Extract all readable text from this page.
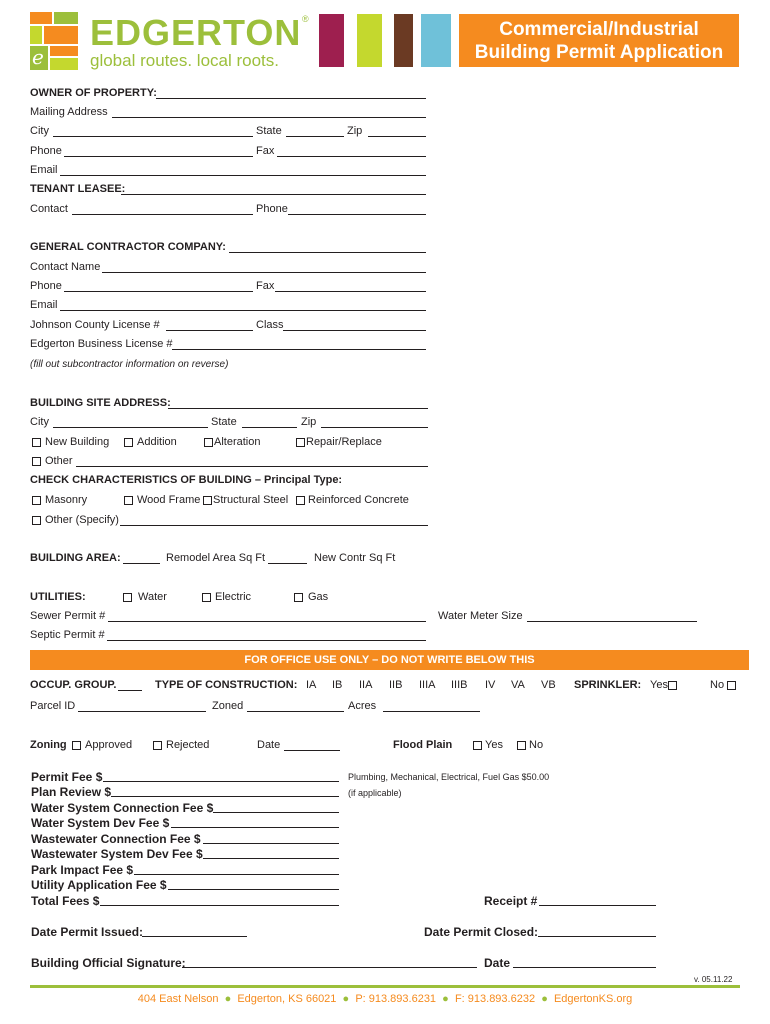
e
EDGERTON ®
global routes. local roots.
Commercial/Industrial
Building Permit Application
OWNER OF PROPERTY:
Mailing Address
City	State	Zip
Phone	Fax
Email
TENANT LEASEE:
Contact	Phone
GENERAL CONTRACTOR COMPANY:
Contact Name
Phone	Fax
Email
Johnson County License #	Class
Edgerton Business License #
(fill out subcontractor information on reverse)
BUILDING SITE ADDRESS:
City	State	Zip
New Building	Addition	Alteration	Repair/Replace
Other
CHECK CHARACTERISTICS OF BUILDING – Principal Type:
Masonry	Wood Frame Structural Steel Reinforced Concrete
Other (Specify)
BUILDING AREA:	Remodel Area Sq Ft	New Contr Sq Ft
UTILITIES:	Water	Electric	Gas
Sewer Permit #	Water Meter Size
Septic Permit #
FOR OFFICE USE ONLY – DO NOT WRITE BELOW THIS
OCCUP. GROUP.	TYPE OF CONSTRUCTION: IA IB IIA IIB IIIA IIIB IV VA VB SPRINKLER: Yes	No
Parcel ID	Zoned	Acres
Zoning Approved	Rejected	Date	Flood Plain	Yes No
Permit Fee $
Plan Review $
Water System Connection Fee $
Water System Dev Fee $
Wastewater Connection Fee $
Wastewater System Dev Fee $
Park Impact Fee $
Utility Application Fee $
Total Fees $
Plumbing, Mechanical, Electrical, Fuel Gas $50.00
(if applicable)
Receipt #
Date Permit Issued:	Date Permit Closed:
Building Official Signature:	Date
v. 05.11.22
404 East Nelson  ●  Edgerton, KS 66021  ●  P: 913.893.6231  ●  F: 913.893.6232  ●  EdgertonKS.org
